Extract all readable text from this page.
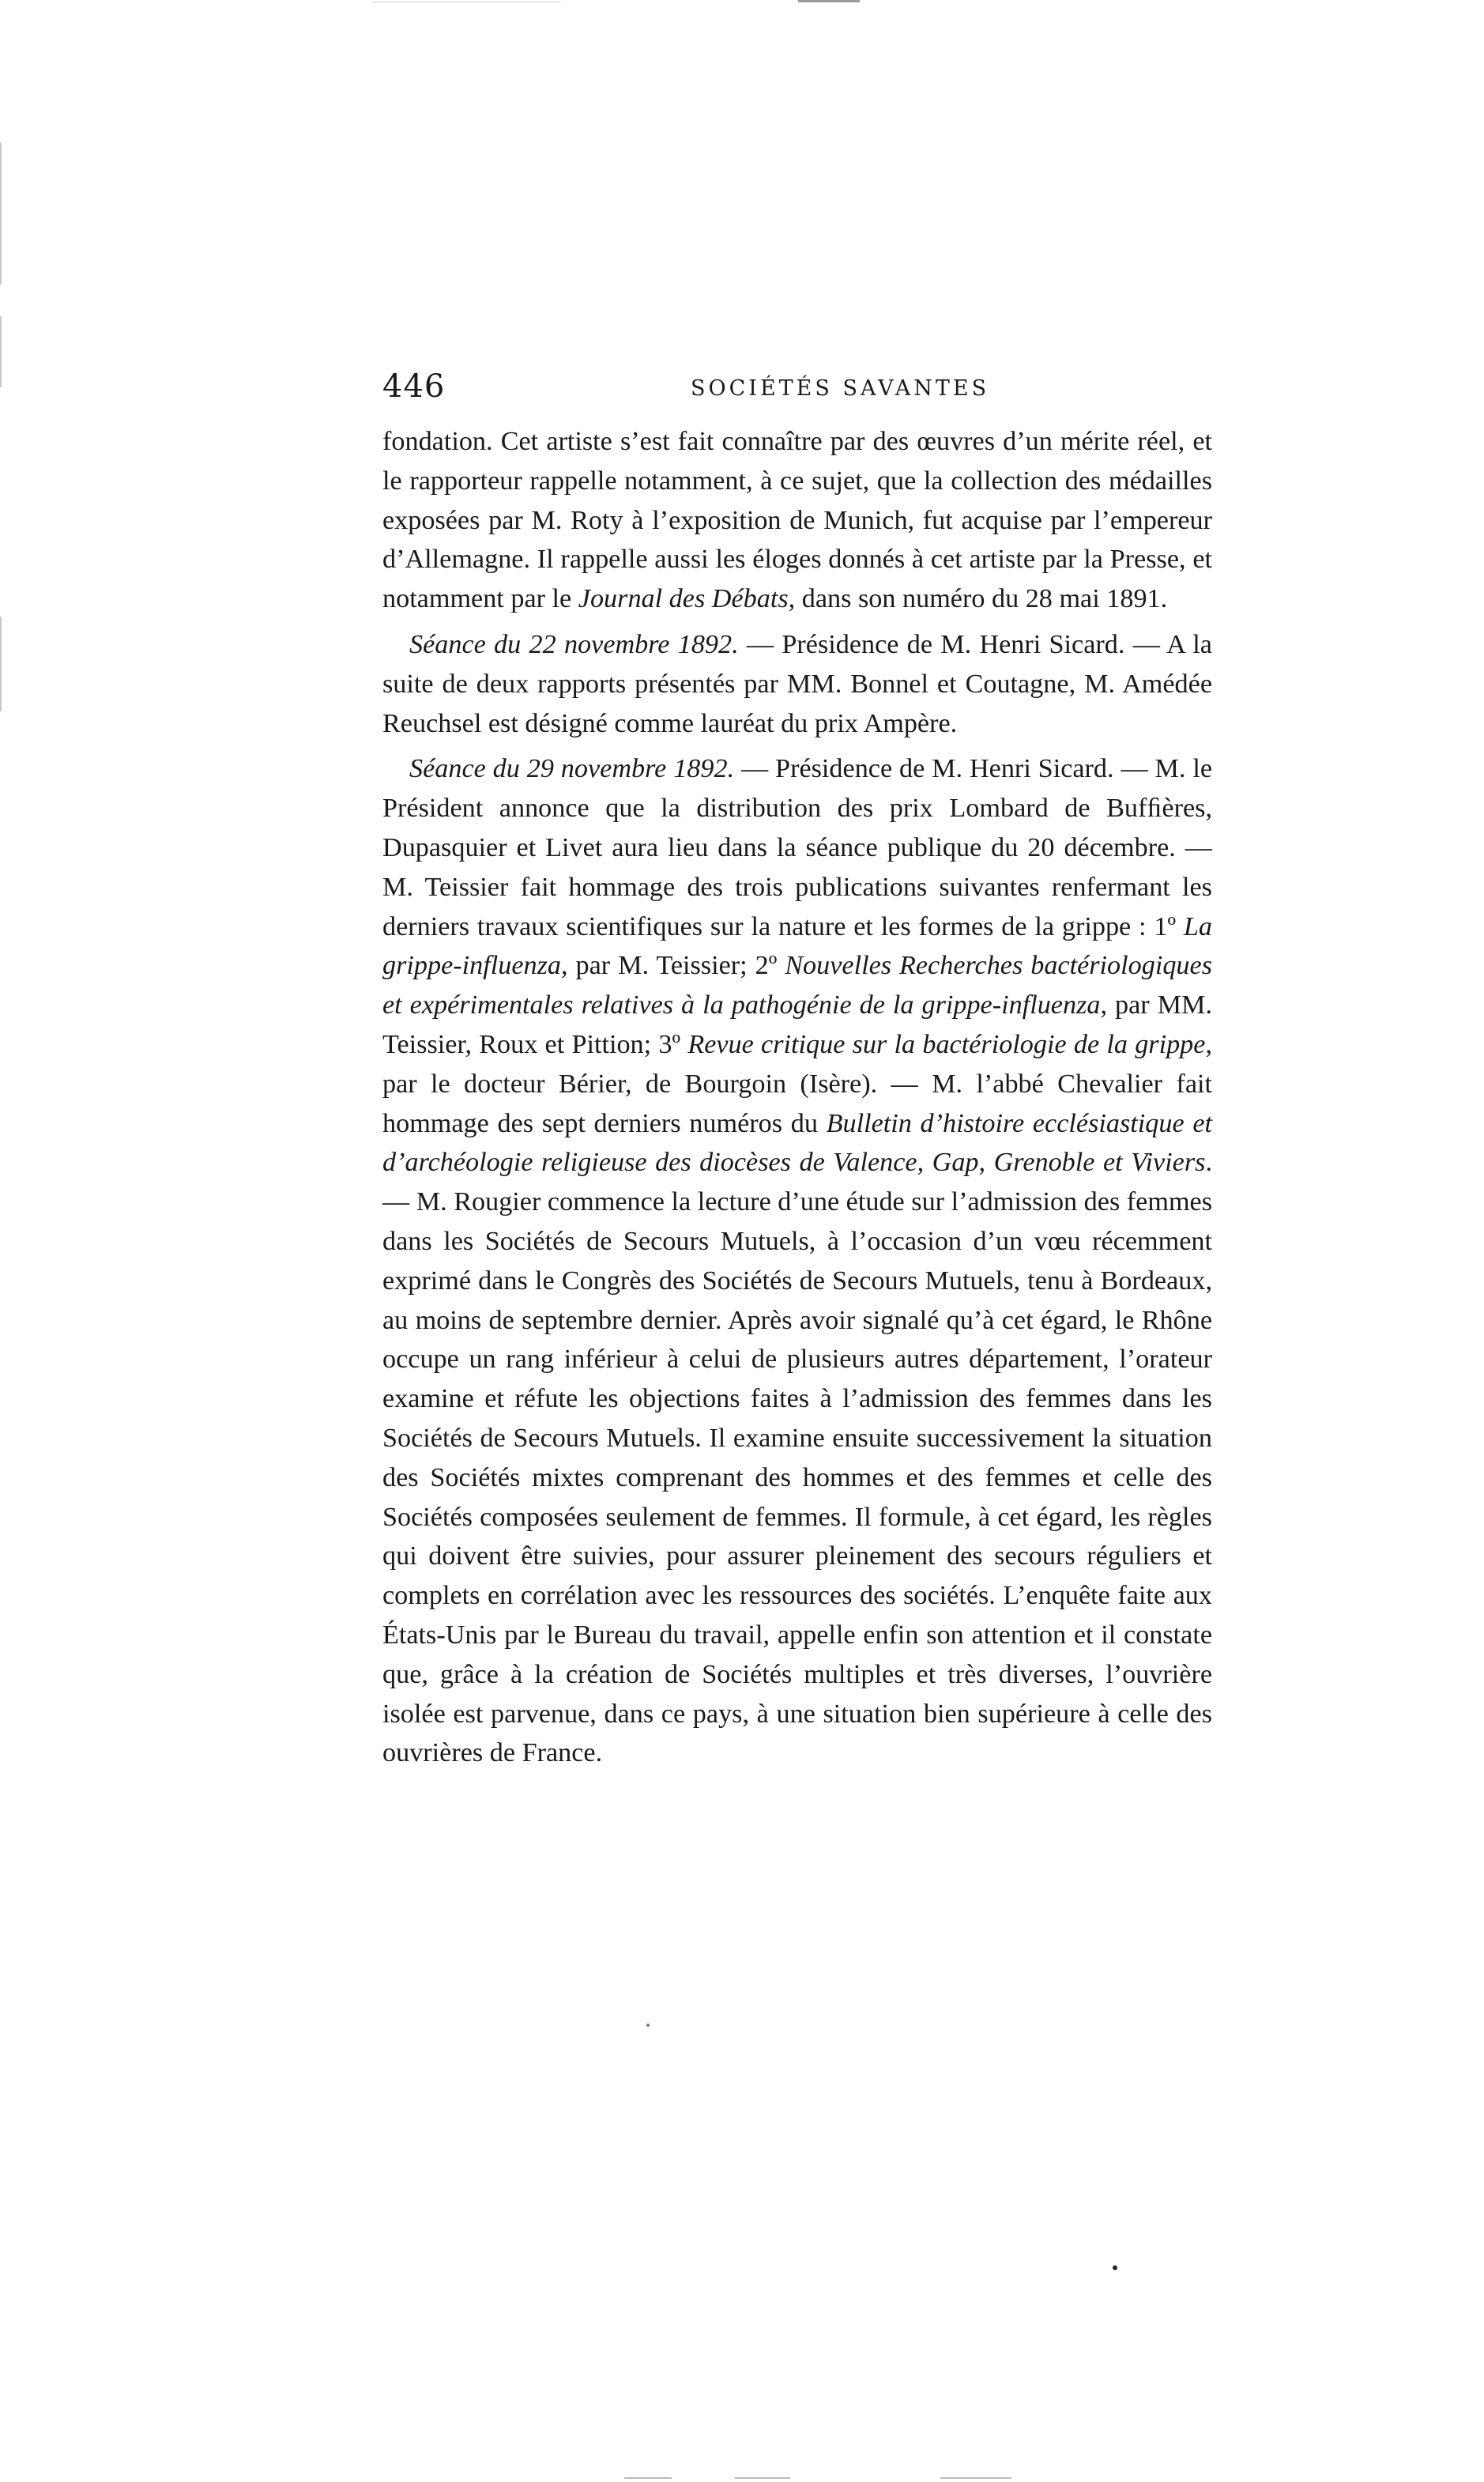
446	SOCIÉTÉS SAVANTES

fondation. Cet artiste s’est fait connaître par des œuvres d’un mérite réel, et le rapporteur rappelle notamment, à ce sujet, que la collection des médailles exposées par M. Roty à l’exposition de Munich, fut acquise par l’empereur d’Allemagne. Il rappelle aussi les éloges donnés à cet artiste par la Presse, et notamment par le Journal des Débats, dans son numéro du 28 mai 1891.

Séance du 22 novembre 1892. — Présidence de M. Henri Sicard. — A la suite de deux rapports présentés par MM. Bonnel et Coutagne, M. Amédée Reuchsel est désigné comme lauréat du prix Ampère.

Séance du 29 novembre 1892. — Présidence de M. Henri Sicard. — M. le Président annonce que la distribution des prix Lombard de Bufﬁères, Dupasquier et Livet aura lieu dans la séance publique du 20 décembre. — M. Teissier fait hommage des trois publications suivantes renfermant les derniers travaux scientifiques sur la nature et les formes de la grippe : 1º La grippe-influenza, par M. Teissier; 2º Nouvelles Recherches bactériologiques et expérimentales relatives à la pathogénie de la grippe-influenza, par MM. Teissier, Roux et Pittion; 3º Revue critique sur la bactériologie de la grippe, par le docteur Bérier, de Bourgoin (Isère). — M. l’abbé Chevalier fait hommage des sept derniers numéros du Bulletin d’histoire ecclésiastique et d’archéologie religieuse des diocèses de Valence, Gap, Grenoble et Viviers. — M. Rougier commence la lecture d’une étude sur l’admission des femmes dans les Sociétés de Secours Mutuels, à l’occasion d’un vœu récemment exprimé dans le Congrès des Sociétés de Secours Mutuels, tenu à Bordeaux, au moins de septembre dernier. Après avoir signalé qu’à cet égard, le Rhône occupe un rang inférieur à celui de plusieurs autres département, l’orateur examine et réfute les objections faites à l’admission des femmes dans les Sociétés de Secours Mutuels. Il examine ensuite successivement la situation des Sociétés mixtes comprenant des hommes et des femmes et celle des Sociétés composées seulement de femmes. Il formule, à cet égard, les règles qui doivent être suivies, pour assurer pleinement des secours réguliers et complets en corrélation avec les ressources des sociétés. L’enquête faite aux États-Unis par le Bureau du travail, appelle enfin son attention et il constate que, grâce à la création de Sociétés multiples et très diverses, l’ouvrière isolée est parvenue, dans ce pays, à une situation bien supérieure à celle des ouvrières de France.
